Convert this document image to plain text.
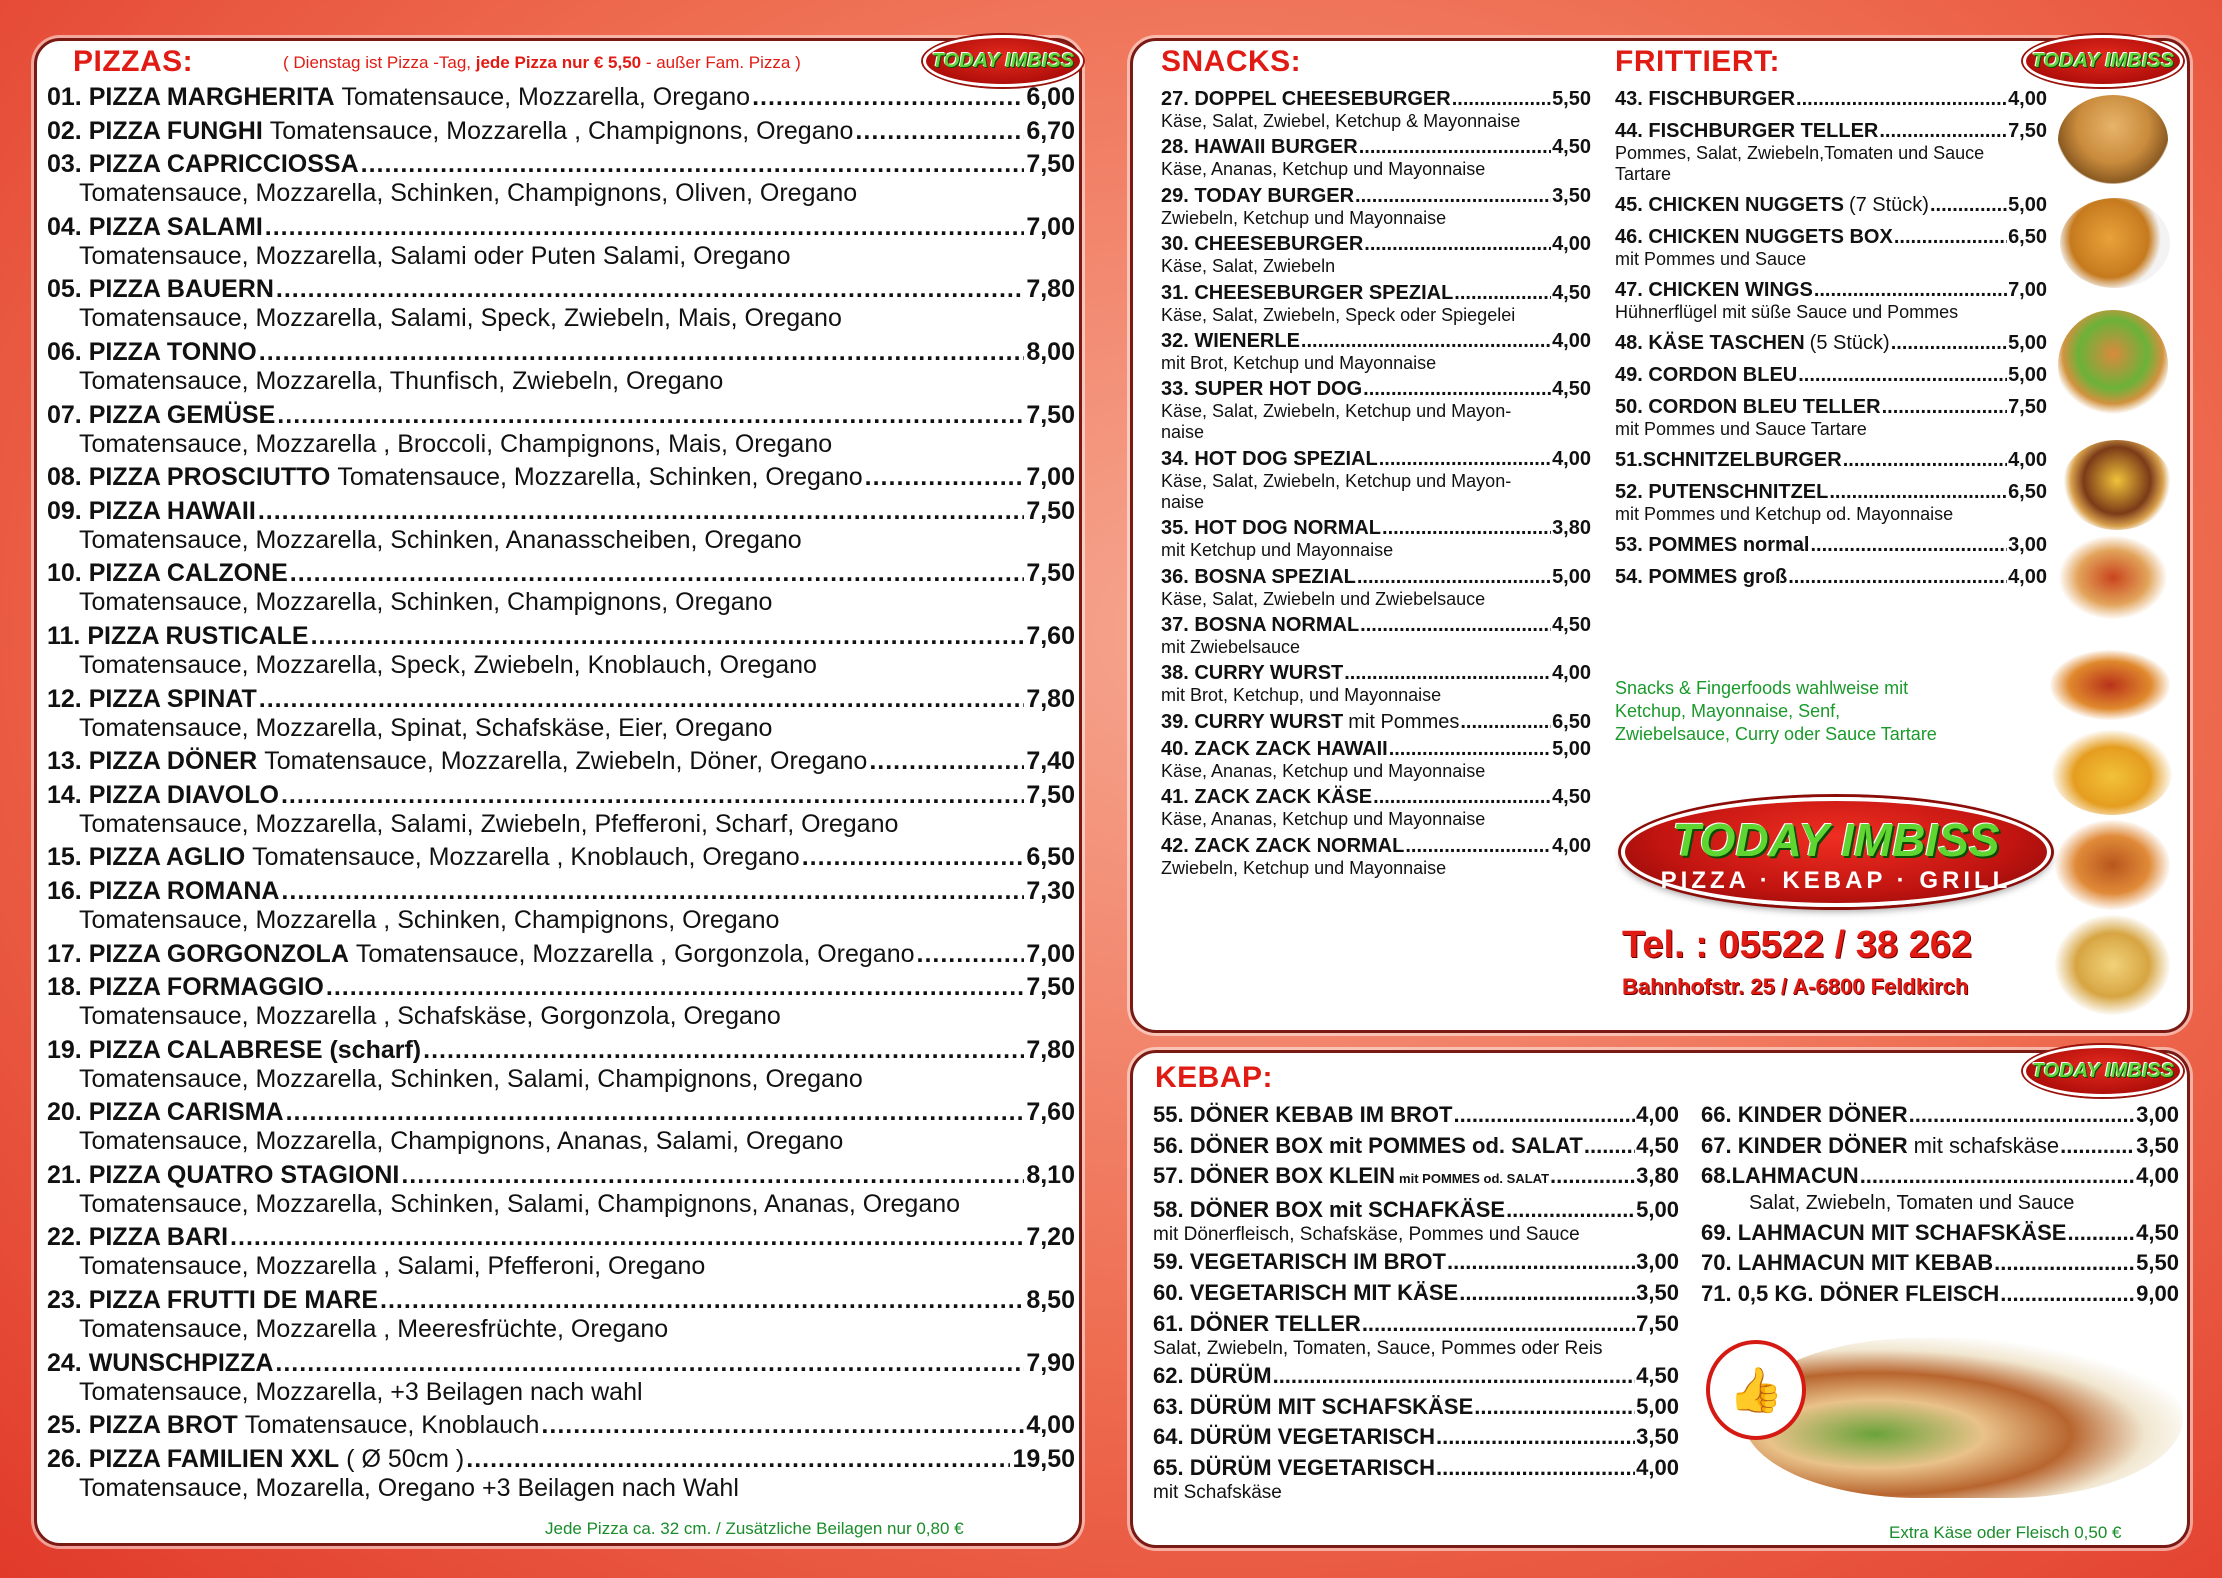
PIZZAS:	( Dienstag ist Pizza -Tag, jede Pizza nur € 5,50 - außer Fam. Pizza )	TODAY IMBISS
01. PIZZA MARGHERITA Tomatensauce, Mozzarella, Oregano .....	6,00
02. PIZZA FUNGHI Tomatensauce, Mozzarella , Champignons, Oregano .....	6,70
03. PIZZA CAPRICCIOSSA .....	7,50
Tomatensauce, Mozzarella, Schinken, Champignons, Oliven, Oregano
04. PIZZA SALAMI .....	7,00
Tomatensauce, Mozzarella, Salami oder Puten Salami, Oregano
05. PIZZA BAUERN .....	7,80
Tomatensauce, Mozzarella, Salami, Speck, Zwiebeln, Mais, Oregano
06. PIZZA TONNO .....	8,00
Tomatensauce, Mozzarella, Thunfisch, Zwiebeln, Oregano
07. PIZZA GEMÜSE .....	7,50
Tomatensauce, Mozzarella , Broccoli, Champignons, Mais, Oregano
08. PIZZA PROSCIUTTO Tomatensauce, Mozzarella, Schinken, Oregano .....	7,00
09. PIZZA HAWAII .....	7,50
Tomatensauce, Mozzarella, Schinken, Ananasscheiben, Oregano
10. PIZZA CALZONE .....	7,50
Tomatensauce, Mozzarella, Schinken, Champignons, Oregano
11. PIZZA RUSTICALE .....	7,60
Tomatensauce, Mozzarella, Speck, Zwiebeln, Knoblauch, Oregano
12. PIZZA SPINAT .....	7,80
Tomatensauce, Mozzarella, Spinat, Schafskäse, Eier, Oregano
13. PIZZA DÖNER Tomatensauce, Mozzarella, Zwiebeln, Döner, Oregano .....	7,40
14. PIZZA DIAVOLO .....	7,50
Tomatensauce, Mozzarella, Salami, Zwiebeln, Pfefferoni, Scharf, Oregano
15. PIZZA AGLIO Tomatensauce, Mozzarella , Knoblauch, Oregano .....	6,50
16. PIZZA ROMANA .....	7,30
Tomatensauce, Mozzarella , Schinken, Champignons, Oregano
17. PIZZA GORGONZOLA Tomatensauce, Mozzarella , Gorgonzola, Oregano .....	7,00
18. PIZZA FORMAGGIO .....	7,50
Tomatensauce, Mozzarella , Schafskäse, Gorgonzola, Oregano
19. PIZZA CALABRESE (scharf) .....	7,80
Tomatensauce, Mozzarella, Schinken, Salami, Champignons, Oregano
20. PIZZA CARISMA .....	7,60
Tomatensauce, Mozzarella, Champignons, Ananas, Salami, Oregano
21. PIZZA QUATRO STAGIONI .....	8,10
Tomatensauce, Mozzarella, Schinken, Salami, Champignons, Ananas, Oregano
22. PIZZA BARI .....	7,20
Tomatensauce, Mozzarella , Salami, Pfefferoni, Oregano
23. PIZZA FRUTTI DE MARE .....	8,50
Tomatensauce, Mozzarella , Meeresfrüchte, Oregano
24. WUNSCHPIZZA .....	7,90
Tomatensauce, Mozzarella, +3 Beilagen nach wahl
25. PIZZA BROT Tomatensauce, Knoblauch .....	4,00
26. PIZZA FAMILIEN XXL ( Ø 50cm ) .....	19,50
Tomatensauce, Mozarella, Oregano +3 Beilagen nach Wahl
Jede Pizza ca. 32 cm. / Zusätzliche Beilagen nur 0,80 €
SNACKS:	FRITTIERT:	TODAY IMBISS
27. DOPPEL CHEESEBURGER .....	5,50
Käse, Salat, Zwiebel, Ketchup & Mayonnaise
28. HAWAII BURGER .....	4,50
Käse, Ananas, Ketchup und Mayonnaise
29. TODAY BURGER .....	3,50
Zwiebeln, Ketchup und Mayonnaise
30. CHEESEBURGER .....	4,00
Käse, Salat, Zwiebeln
31. CHEESEBURGER SPEZIAL .....	4,50
Käse, Salat, Zwiebeln, Speck oder Spiegelei
32. WIENERLE .....	4,00
mit Brot, Ketchup und Mayonnaise
33. SUPER HOT DOG .....	4,50
Käse, Salat, Zwiebeln, Ketchup und Mayon-
naise
34. HOT DOG SPEZIAL .....	4,00
Käse, Salat, Zwiebeln, Ketchup und Mayon-
naise
35. HOT DOG NORMAL .....	3,80
mit Ketchup und Mayonnaise
36. BOSNA SPEZIAL .....	5,00
Käse, Salat, Zwiebeln und Zwiebelsauce
37. BOSNA NORMAL .....	4,50
mit Zwiebelsauce
38. CURRY WURST .....	4,00
mit Brot, Ketchup, und Mayonnaise
39. CURRY WURST mit Pommes .....	6,50
40. ZACK ZACK HAWAII .....	5,00
Käse, Ananas, Ketchup und Mayonnaise
41. ZACK ZACK KÄSE .....	4,50
Käse, Ananas, Ketchup und Mayonnaise
42. ZACK ZACK NORMAL .....	4,00
Zwiebeln, Ketchup und Mayonnaise
43. FISCHBURGER .....	4,00
44. FISCHBURGER TELLER .....	7,50
Pommes, Salat, Zwiebeln,Tomaten und Sauce
Tartare
45. CHICKEN NUGGETS (7 Stück) .....	5,00
46. CHICKEN NUGGETS BOX .....	6,50
mit Pommes und Sauce
47. CHICKEN WINGS .....	7,00
Hühnerflügel mit süße Sauce und Pommes
48. KÄSE TASCHEN (5 Stück) .....	5,00
49. CORDON BLEU .....	5,00
50. CORDON BLEU TELLER .....	7,50
mit Pommes und Sauce Tartare
51.SCHNITZELBURGER .....	4,00
52. PUTENSCHNITZEL .....	6,50
mit Pommes und Ketchup od. Mayonnaise
53. POMMES normal .....	3,00
54. POMMES groß .....	4,00
Snacks & Fingerfoods wahlweise mit Ketchup, Mayonnaise, Senf, Zwiebelsauce, Curry oder Sauce Tartare
TODAY IMBISS
PIZZA · KEBAP · GRILL
Tel. : 05522 / 38 262
Bahnhofstr. 25 / A-6800 Feldkirch
KEBAP:	TODAY IMBISS
55. DÖNER KEBAB IM BROT .....	4,00
56. DÖNER BOX mit POMMES od. SALAT ..... 4,50
57. DÖNER BOX KLEIN mit POMMES od. SALAT .....	3,80
58. DÖNER BOX mit SCHAFKÄSE .....	5,00
mit Dönerfleisch, Schafskäse, Pommes und Sauce
59. VEGETARISCH IM BROT .....	3,00
60. VEGETARISCH MIT KÄSE .....	3,50
61. DÖNER TELLER .....	7,50
Salat, Zwiebeln, Tomaten, Sauce, Pommes oder Reis
62. DÜRÜM .....	4,50
63. DÜRÜM MIT SCHAFSKÄSE .....	5,00
64. DÜRÜM VEGETARISCH .....	3,50
65. DÜRÜM VEGETARISCH .....	4,00
mit Schafskäse
66. KINDER DÖNER .....	3,00
67. KINDER DÖNER mit schafskäse .....	3,50
68.LAHMACUN .....	4,00
Salat, Zwiebeln, Tomaten und Sauce
69. LAHMACUN MIT SCHAFSKÄSE .....	4,50
70. LAHMACUN MIT KEBAB .....	5,50
71. 0,5 KG. DÖNER FLEISCH .....	9,00
Extra Käse oder Fleisch 0,50 €
👍
